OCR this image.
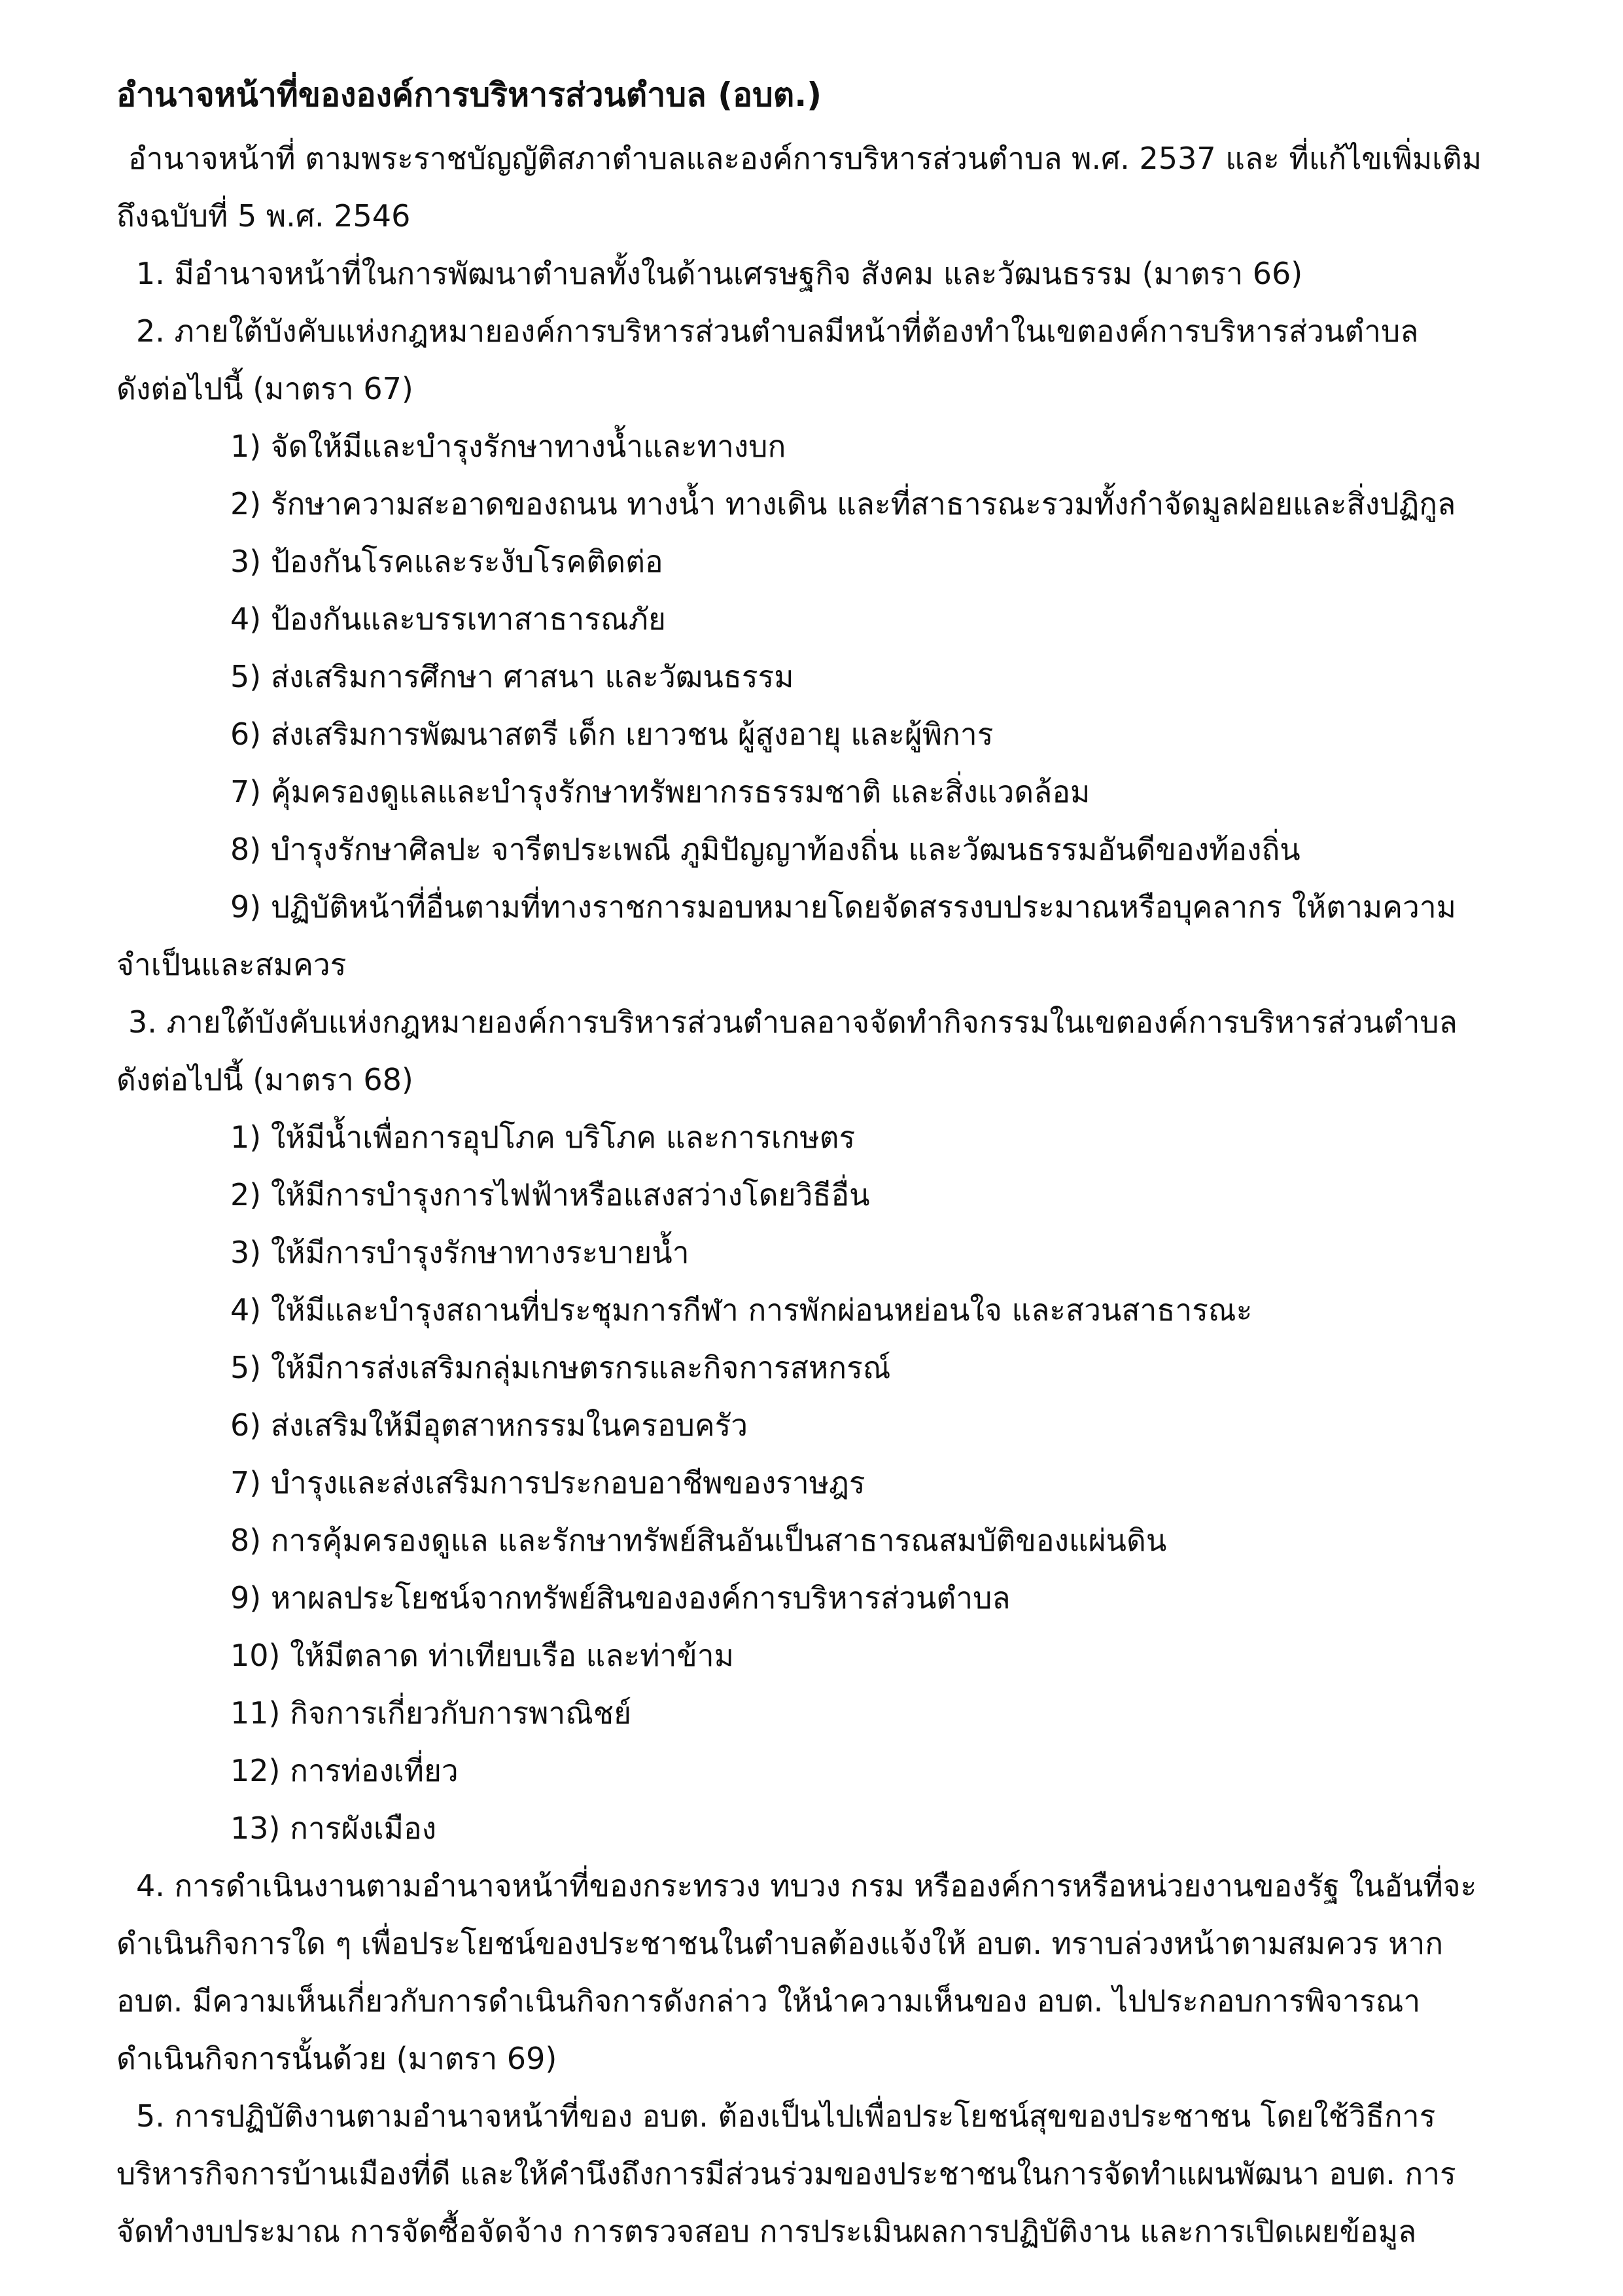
อำนาจหน้าที่ขององค์การบริหารส่วนตำบล (อบต.)
อำนาจหน้าที่ ตามพระราชบัญญัติสภาตำบลและองค์การบริหารส่วนตำบล พ.ศ. 2537 และ ที่แก้ไขเพิ่มเติม
ถึงฉบับที่ 5 พ.ศ. 2546
1. มีอำนาจหน้าที่ในการพัฒนาตำบลทั้งในด้านเศรษฐกิจ สังคม และวัฒนธรรม (มาตรา 66)
2. ภายใต้บังคับแห่งกฎหมายองค์การบริหารส่วนตำบลมีหน้าที่ต้องทำในเขตองค์การบริหารส่วนตำบล
ดังต่อไปนี้ (มาตรา 67)
1) จัดให้มีและบำรุงรักษาทางน้ำและทางบก
2) รักษาความสะอาดของถนน ทางน้ำ ทางเดิน และที่สาธารณะรวมทั้งกำจัดมูลฝอยและสิ่งปฏิกูล
3) ป้องกันโรคและระงับโรคติดต่อ
4) ป้องกันและบรรเทาสาธารณภัย
5) ส่งเสริมการศึกษา ศาสนา และวัฒนธรรม
6) ส่งเสริมการพัฒนาสตรี เด็ก เยาวชน ผู้สูงอายุ และผู้พิการ
7) คุ้มครองดูแลและบำรุงรักษาทรัพยากรธรรมชาติ และสิ่งแวดล้อม
8) บำรุงรักษาศิลปะ จารีตประเพณี ภูมิปัญญาท้องถิ่น และวัฒนธรรมอันดีของท้องถิ่น
9) ปฏิบัติหน้าที่อื่นตามที่ทางราชการมอบหมายโดยจัดสรรงบประมาณหรือบุคลากร ให้ตามความ
จำเป็นและสมควร
3. ภายใต้บังคับแห่งกฎหมายองค์การบริหารส่วนตำบลอาจจัดทำกิจกรรมในเขตองค์การบริหารส่วนตำบล
ดังต่อไปนี้ (มาตรา 68)
1) ให้มีน้ำเพื่อการอุปโภค บริโภค และการเกษตร
2) ให้มีการบำรุงการไฟฟ้าหรือแสงสว่างโดยวิธีอื่น
3) ให้มีการบำรุงรักษาทางระบายน้ำ
4) ให้มีและบำรุงสถานที่ประชุมการกีฬา การพักผ่อนหย่อนใจ และสวนสาธารณะ
5) ให้มีการส่งเสริมกลุ่มเกษตรกรและกิจการสหกรณ์
6) ส่งเสริมให้มีอุตสาหกรรมในครอบครัว
7) บำรุงและส่งเสริมการประกอบอาชีพของราษฎร
8) การคุ้มครองดูแล และรักษาทรัพย์สินอันเป็นสาธารณสมบัติของแผ่นดิน
9) หาผลประโยชน์จากทรัพย์สินขององค์การบริหารส่วนตำบล
10) ให้มีตลาด ท่าเทียบเรือ และท่าข้าม
11) กิจการเกี่ยวกับการพาณิชย์
12) การท่องเที่ยว
13) การผังเมือง
4. การดำเนินงานตามอำนาจหน้าที่ของกระทรวง ทบวง กรม หรือองค์การหรือหน่วยงานของรัฐ ในอันที่จะ
ดำเนินกิจการใด ๆ เพื่อประโยชน์ของประชาชนในตำบลต้องแจ้งให้ อบต. ทราบล่วงหน้าตามสมควร หาก
อบต. มีความเห็นเกี่ยวกับการดำเนินกิจการดังกล่าว ให้นำความเห็นของ อบต. ไปประกอบการพิจารณา
ดำเนินกิจการนั้นด้วย (มาตรา 69)
5. การปฏิบัติงานตามอำนาจหน้าที่ของ อบต. ต้องเป็นไปเพื่อประโยชน์สุขของประชาชน โดยใช้วิธีการ
บริหารกิจการบ้านเมืองที่ดี และให้คำนึงถึงการมีส่วนร่วมของประชาชนในการจัดทำแผนพัฒนา อบต. การ
จัดทำงบประมาณ การจัดซื้อจัดจ้าง การตรวจสอบ การประเมินผลการปฏิบัติงาน และการเปิดเผยข้อมูล
